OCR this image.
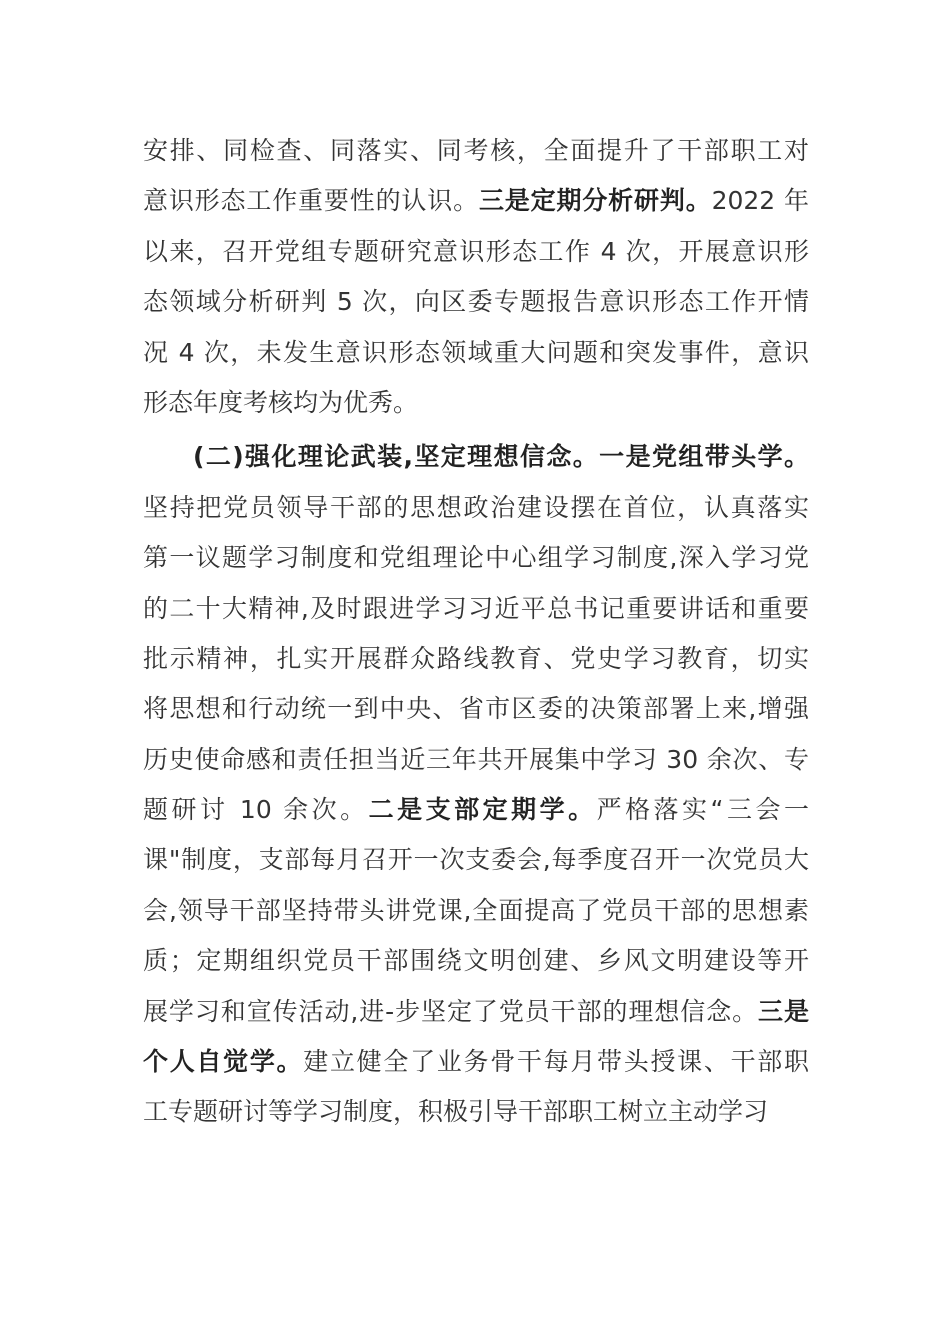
安排、同检查、同落实、同考核，全面提升了干部职工对
意识形态工作重要性的认识。三是定期分析研判。2022 年
以来，召开党组专题研究意识形态工作 4 次，开展意识形
态领域分析研判 5 次，向区委专题报告意识形态工作开情
况 4 次，未发生意识形态领域重大问题和突发事件，意识
形态年度考核均为优秀。
(二)强化理论武装,坚定理想信念。一是党组带头学。
坚持把党员领导干部的思想政治建设摆在首位，认真落实
第一议题学习制度和党组理论中心组学习制度,深入学习党
的二十大精神,及时跟进学习习近平总书记重要讲话和重要
批示精神，扎实开展群众路线教育、党史学习教育，切实
将思想和行动统一到中央、省市区委的决策部署上来,增强
历史使命感和责任担当近三年共开展集中学习 30 余次、专
题研讨 10 余次。二是支部定期学。严格落实“三会一
课"制度，支部每月召开一次支委会,每季度召开一次党员大
会,领导干部坚持带头讲党课,全面提高了党员干部的思想素
质；定期组织党员干部围绕文明创建、乡风文明建设等开
展学习和宣传活动,进-步坚定了党员干部的理想信念。三是
个人自觉学。建立健全了业务骨干每月带头授课、干部职
工专题研讨等学习制度，积极引导干部职工树立主动学习
